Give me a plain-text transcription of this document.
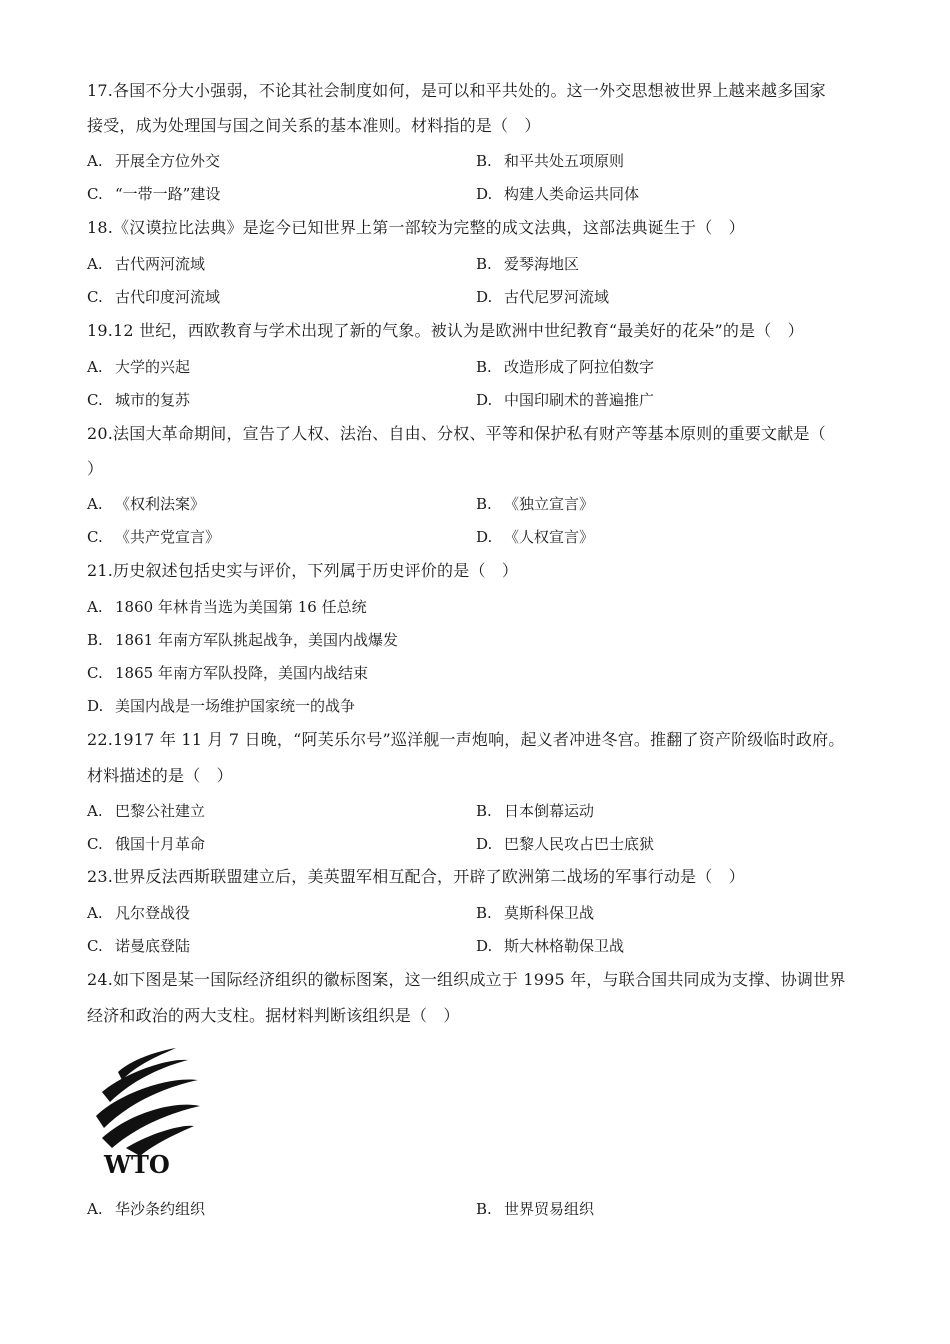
17.各国不分大小强弱，不论其社会制度如何，是可以和平共处的。这一外交思想被世界上越来越多国家
接受，成为处理国与国之间关系的基本准则。材料指的是（　）
A. 开展全方位外交	B. 和平共处五项原则
C. “一带一路”建设	D. 构建人类命运共同体
18.《汉谟拉比法典》是迄今已知世界上第一部较为完整的成文法典，这部法典诞生于（　）
A. 古代两河流域	B. 爱琴海地区
C. 古代印度河流域	D. 古代尼罗河流域
19.12 世纪，西欧教育与学术出现了新的气象。被认为是欧洲中世纪教育“最美好的花朵”的是（　）
A. 大学的兴起	B. 改造形成了阿拉伯数字
C. 城市的复苏	D. 中国印刷术的普遍推广
20.法国大革命期间，宣告了人权、法治、自由、分权、平等和保护私有财产等基本原则的重要文献是（
）
A. 《权利法案》	B. 《独立宣言》
C. 《共产党宣言》	D. 《人权宣言》
21.历史叙述包括史实与评价，下列属于历史评价的是（　）
A. 1860 年林肯当选为美国第 16 任总统
B. 1861 年南方军队挑起战争，美国内战爆发
C. 1865 年南方军队投降，美国内战结束
D. 美国内战是一场维护国家统一的战争
22.1917 年 11 月 7 日晚，“阿芙乐尔号”巡洋舰一声炮响，起义者冲进冬宫。推翻了资产阶级临时政府。
材料描述的是（　）
A. 巴黎公社建立	B. 日本倒幕运动
C. 俄国十月革命	D. 巴黎人民攻占巴士底狱
23.世界反法西斯联盟建立后，美英盟军相互配合，开辟了欧洲第二战场的军事行动是（　）
A. 凡尔登战役	B. 莫斯科保卫战
C. 诺曼底登陆	D. 斯大林格勒保卫战
24.如下图是某一国际经济组织的徽标图案，这一组织成立于 1995 年，与联合国共同成为支撑、协调世界
经济和政治的两大支柱。据材料判断该组织是（　）
WTO
A. 华沙条约组织	B. 世界贸易组织
